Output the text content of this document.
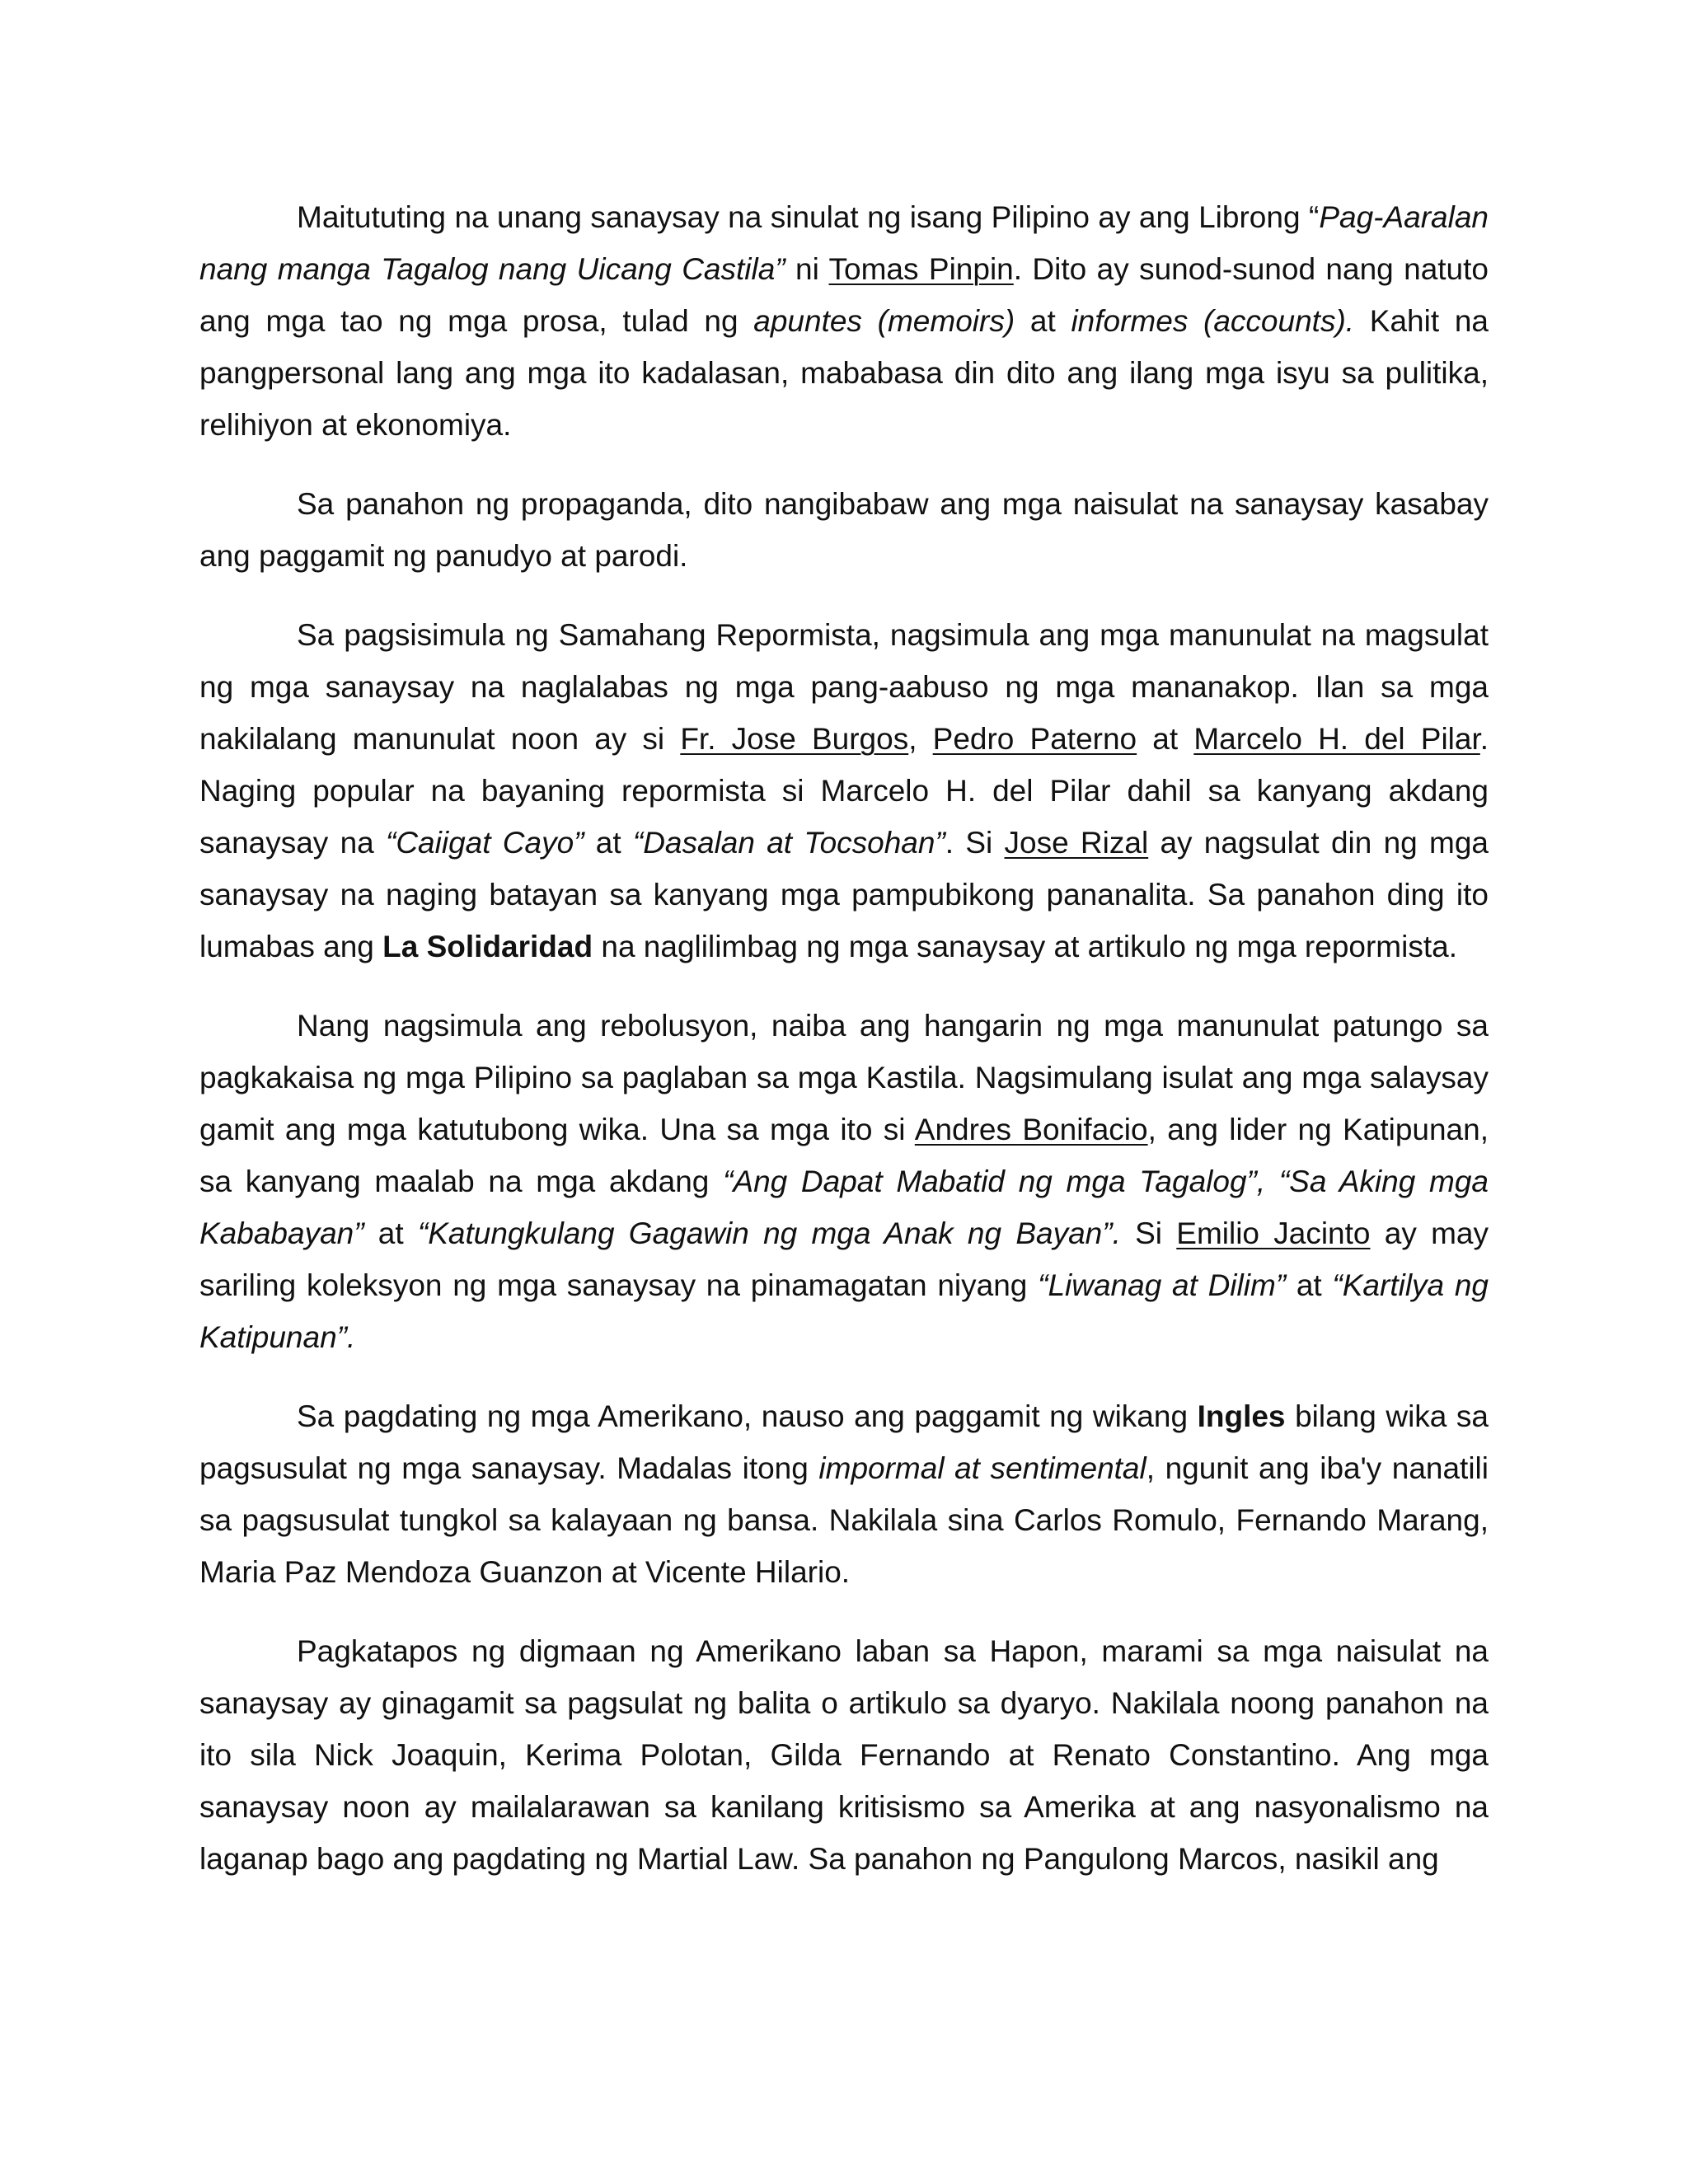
Maitututing na unang sanaysay na sinulat ng isang Pilipino ay ang Librong “Pag-Aaralan nang manga Tagalog nang Uicang Castila” ni Tomas Pinpin. Dito ay sunod-sunod nang natuto ang mga tao ng mga prosa, tulad ng apuntes (memoirs) at informes (accounts). Kahit na pangpersonal lang ang mga ito kadalasan, mababasa din dito ang ilang mga isyu sa pulitika, relihiyon at ekonomiya.

Sa panahon ng propaganda, dito nangibabaw ang mga naisulat na sanaysay kasabay ang paggamit ng panudyo at parodi.

Sa pagsisimula ng Samahang Repormista, nagsimula ang mga manunulat na magsulat ng mga sanaysay na naglalabas ng mga pang-aabuso ng mga mananakop. Ilan sa mga nakilalang manunulat noon ay si Fr. Jose Burgos, Pedro Paterno at Marcelo H. del Pilar. Naging popular na bayaning repormista si Marcelo H. del Pilar dahil sa kanyang akdang sanaysay na “Caiigat Cayo” at “Dasalan at Tocsohan”. Si Jose Rizal ay nagsulat din ng mga sanaysay na naging batayan sa kanyang mga pampubikong pananalita. Sa panahon ding ito lumabas ang La Solidaridad na naglilimbag ng mga sanaysay at artikulo ng mga repormista.

Nang nagsimula ang rebolusyon, naiba ang hangarin ng mga manunulat patungo sa pagkakaisa ng mga Pilipino sa paglaban sa mga Kastila. Nagsimulang isulat ang mga salaysay gamit ang mga katutubong wika. Una sa mga ito si Andres Bonifacio, ang lider ng Katipunan, sa kanyang maalab na mga akdang “Ang Dapat Mabatid ng mga Tagalog”, “Sa Aking mga Kababayan” at “Katungkulang Gagawin ng mga Anak ng Bayan”. Si Emilio Jacinto ay may sariling koleksyon ng mga sanaysay na pinamagatan niyang “Liwanag at Dilim” at “Kartilya ng Katipunan”.

Sa pagdating ng mga Amerikano, nauso ang paggamit ng wikang Ingles bilang wika sa pagsusulat ng mga sanaysay. Madalas itong impormal at sentimental, ngunit ang iba'y nanatili sa pagsusulat tungkol sa kalayaan ng bansa. Nakilala sina Carlos Romulo, Fernando Marang, Maria Paz Mendoza Guanzon at Vicente Hilario.

Pagkatapos ng digmaan ng Amerikano laban sa Hapon, marami sa mga naisulat na sanaysay ay ginagamit sa pagsulat ng balita o artikulo sa dyaryo. Nakilala noong panahon na ito sila Nick Joaquin, Kerima Polotan, Gilda Fernando at Renato Constantino. Ang mga sanaysay noon ay mailalarawan sa kanilang kritisismo sa Amerika at ang nasyonalismo na laganap bago ang pagdating ng Martial Law. Sa panahon ng Pangulong Marcos, nasikil ang
